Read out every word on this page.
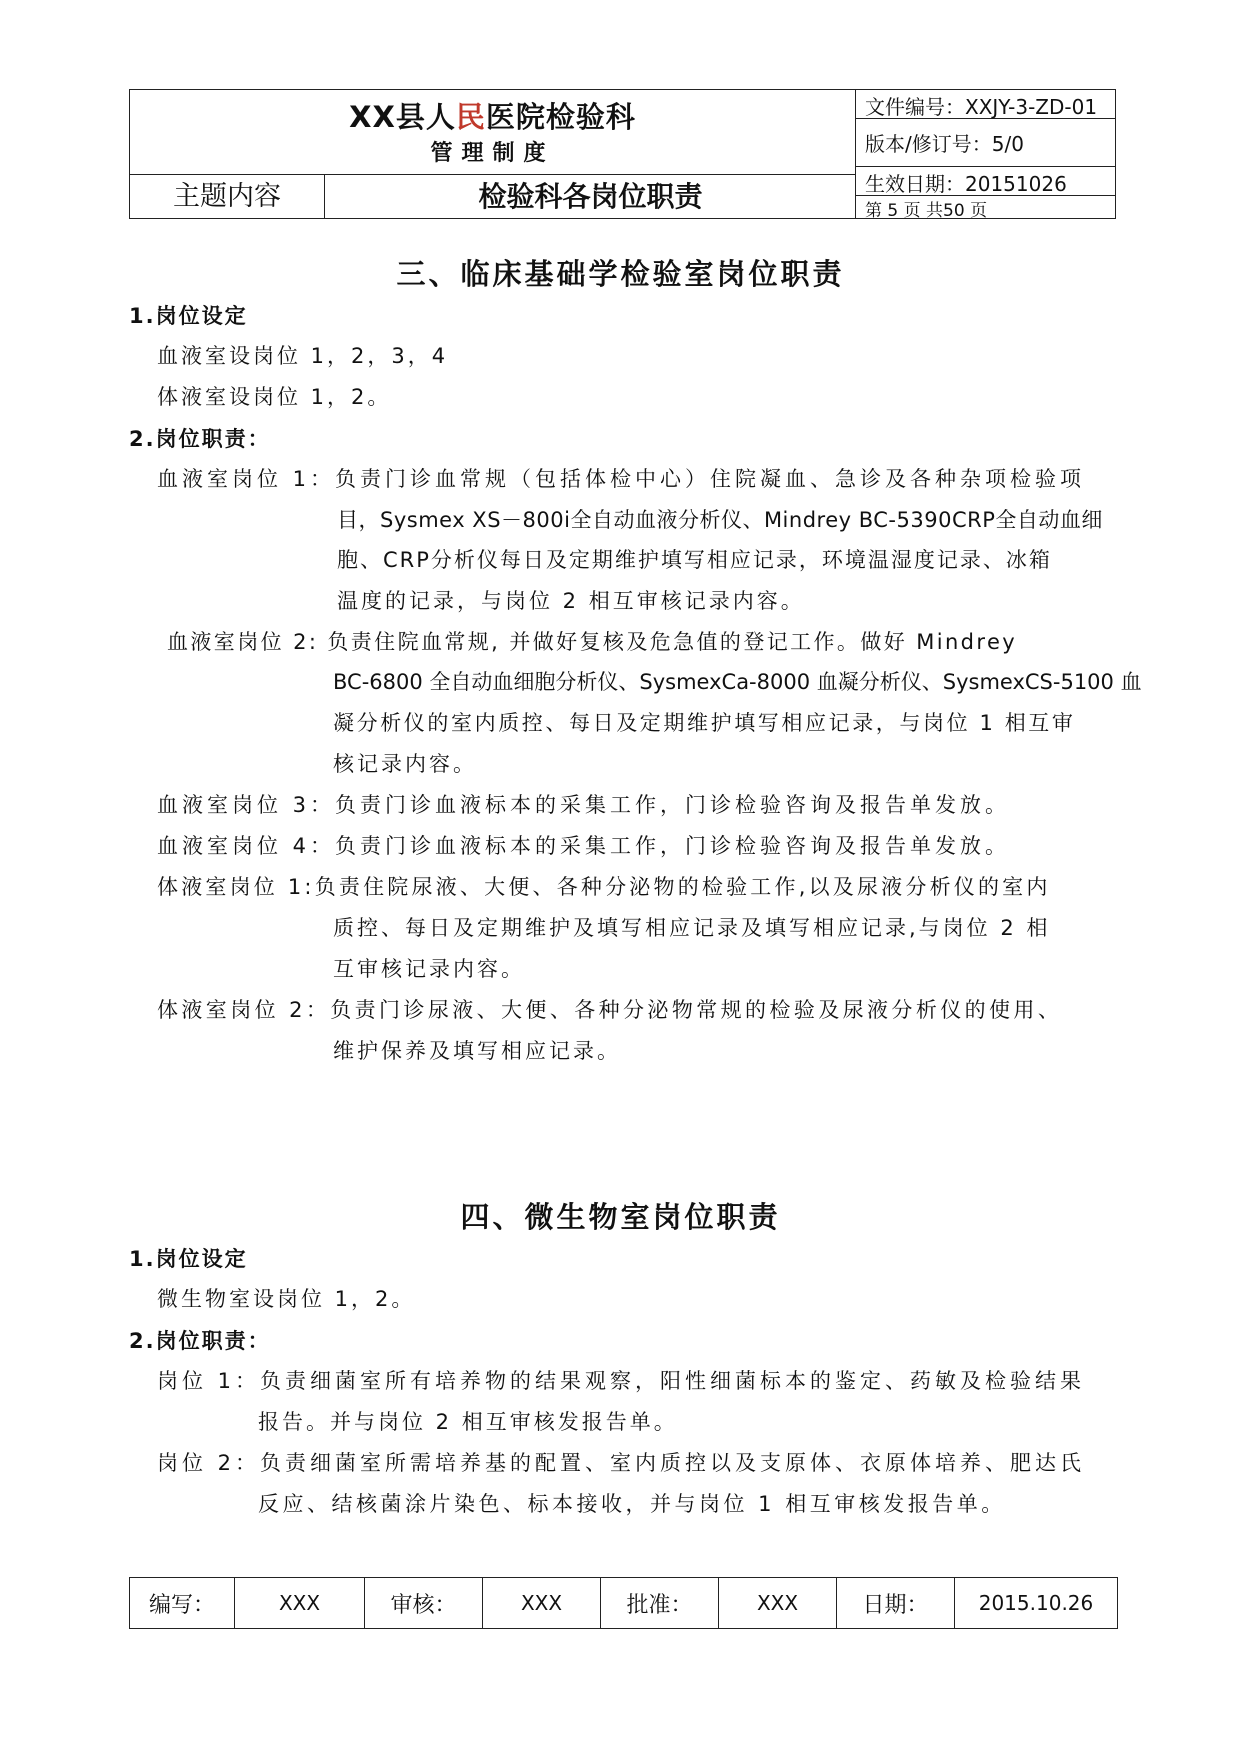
XX县人民医院检验科
管理制度
主题内容	检验科各岗位职责
文件编号：XXJY-3-ZD-01
版本/修订号：5/0
生效日期：20151026
第 5 页 共50 页
三、临床基础学检验室岗位职责
1.岗位设定
血液室设岗位 1，2，3，4
体液室设岗位 1，2。
2.岗位职责：
血液室岗位 1：负责门诊血常规（包括体检中心）住院凝血、急诊及各种杂项检验项
目，Sysmex XS－800i全自动血液分析仪、Mindrey BC-5390CRP全自动血细
胞、CRP分析仪每日及定期维护填写相应记录，环境温湿度记录、冰箱
温度的记录，与岗位 2 相互审核记录内容。
血液室岗位 2: 负责住院血常规, 并做好复核及危急值的登记工作。做好 Mindrey
BC-6800 全自动血细胞分析仪、SysmexCa-8000 血凝分析仪、SysmexCS-5100 血
凝分析仪的室内质控、每日及定期维护填写相应记录，与岗位 1 相互审
核记录内容。
血液室岗位 3：负责门诊血液标本的采集工作，门诊检验咨询及报告单发放。
血液室岗位 4：负责门诊血液标本的采集工作，门诊检验咨询及报告单发放。
体液室岗位 1:负责住院尿液、大便、各种分泌物的检验工作,以及尿液分析仪的室内
质控、每日及定期维护及填写相应记录及填写相应记录,与岗位 2 相
互审核记录内容。
体液室岗位 2：负责门诊尿液、大便、各种分泌物常规的检验及尿液分析仪的使用、
维护保养及填写相应记录。
四、微生物室岗位职责
1.岗位设定
微生物室设岗位 1，2。
2.岗位职责：
岗位 1：负责细菌室所有培养物的结果观察，阳性细菌标本的鉴定、药敏及检验结果
报告。并与岗位 2 相互审核发报告单。
岗位 2：负责细菌室所需培养基的配置、室内质控以及支原体、衣原体培养、肥达氏
反应、结核菌涂片染色、标本接收，并与岗位 1 相互审核发报告单。
编写：	XXX	审核：	XXX	批准：	XXX	日期：	2015.10.26
